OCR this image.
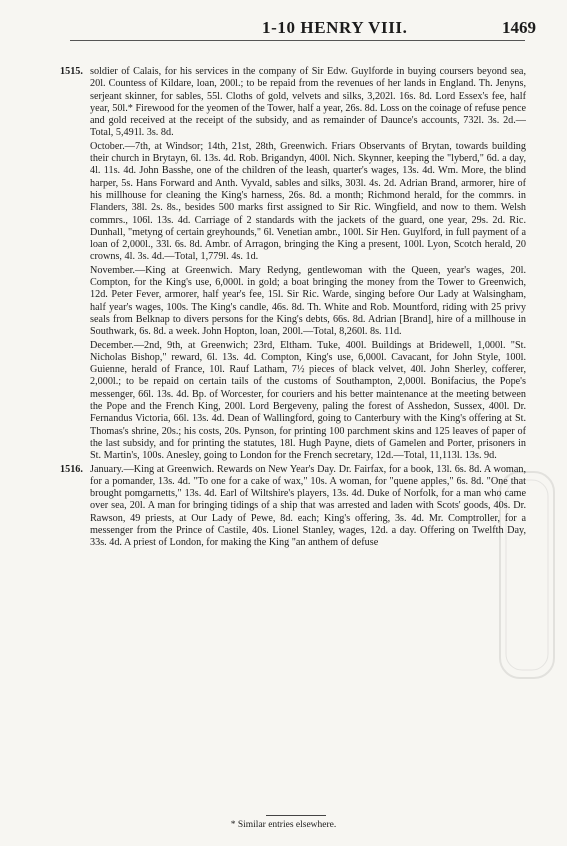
1-10 HENRY VIII.	1469
1515. soldier of Calais, for his services in the company of Sir Edw. Guylforde in buying coursers beyond sea, 20l. Countess of Kildare, loan, 200l.; to be repaid from the revenues of her lands in England. Th. Jenyns, serjeant skinner, for sables, 55l. Cloths of gold, velvets and silks, 3,202l. 16s. 8d. Lord Essex's fee, half year, 50l.* Firewood for the yeomen of the Tower, half a year, 26s. 8d. Loss on the coinage of refuse pence and gold received at the receipt of the subsidy, and as remainder of Daunce's accounts, 732l. 3s. 2d.—Total, 5,491l. 3s. 8d.

October.—7th, at Windsor; 14th, 21st, 28th, Greenwich. Friars Observants of Brytan, towards building their church in Brytayn, 6l. 13s. 4d. Rob. Brigandyn, 400l. Nich. Skynner, keeping the "lyberd," 6d. a day, 4l. 11s. 4d. John Basshe, one of the children of the leash, quarter's wages, 13s. 4d. Wm. More, the blind harper, 5s. Hans Forward and Anth. Vyvald, sables and silks, 303l. 4s. 2d. Adrian Brand, armorer, hire of his millhouse for cleaning the King's harness, 26s. 8d. a month; Richmond herald, for the commrs. in Flanders, 38l. 2s. 8s., besides 500 marks first assigned to Sir Ric. Wingfield, and now to them. Welsh commrs., 106l. 13s. 4d. Carriage of 2 standards with the jackets of the guard, one year, 29s. 2d. Ric. Dunhall, "metyng of certain greyhounds," 6l. Venetian ambr., 100l. Sir Hen. Guylford, in full payment of a loan of 2,000l., 33l. 6s. 8d. Ambr. of Arragon, bringing the King a present, 100l. Lyon, Scotch herald, 20 crowns, 4l. 3s. 4d.—Total, 1,779l. 4s. 1d.

November.—King at Greenwich. Mary Redyng, gentlewoman with the Queen, year's wages, 20l. Compton, for the King's use, 6,000l. in gold; a boat bringing the money from the Tower to Greenwich, 12d. Peter Fever, armorer, half year's fee, 15l. Sir Ric. Warde, singing before Our Lady at Walsingham, half year's wages, 100s. The King's candle, 46s. 8d. Th. White and Rob. Mountford, riding with 25 privy seals from Belknap to divers persons for the King's debts, 66s. 8d. Adrian [Brand], hire of a millhouse in Southwark, 6s. 8d. a week. John Hopton, loan, 200l.—Total, 8,260l. 8s. 11d.

December.—2nd, 9th, at Greenwich; 23rd, Eltham. Tuke, 400l. Buildings at Bridewell, 1,000l. "St. Nicholas Bishop," reward, 6l. 13s. 4d. Compton, King's use, 6,000l. Cavacant, for John Style, 100l. Guienne, herald of France, 10l. Rauf Latham, 7½ pieces of black velvet, 40l. John Sherley, cofferer, 2,000l.; to be repaid on certain tails of the customs of Southampton, 2,000l. Bonifacius, the Pope's messenger, 66l. 13s. 4d. Bp. of Worcester, for couriers and his better maintenance at the meeting between the Pope and the French King, 200l. Lord Bergeveny, paling the forest of Asshedon, Sussex, 400l. Dr. Fernandus Victoria, 66l. 13s. 4d. Dean of Wallingford, going to Canterbury with the King's offering at St. Thomas's shrine, 20s.; his costs, 20s. Pynson, for printing 100 parchment skins and 125 leaves of paper of the last subsidy, and for printing the statutes, 18l. Hugh Payne, diets of Gamelen and Porter, prisoners in St. Martin's, 100s. Anesley, going to London for the French secretary, 12d.—Total, 11,113l. 13s. 9d.

1516. January.—King at Greenwich. Rewards on New Year's Day. Dr. Fairfax, for a book, 13l. 6s. 8d. A woman, for a pomander, 13s. 4d. "To one for a cake of wax," 10s. A woman, for "quene apples," 6s. 8d. "One that brought pomgarnetts," 13s. 4d. Earl of Wiltshire's players, 13s. 4d. Duke of Norfolk, for a man who came over sea, 20l. A man for bringing tidings of a ship that was arrested and laden with Scots' goods, 40s. Dr. Rawson, 49 priests, at Our Lady of Pewe, 8d. each; King's offering, 3s. 4d. Mr. Comptroller, for a messenger from the Prince of Castile, 40s. Lionel Stanley, wages, 12d. a day. Offering on Twelfth Day, 33s. 4d. A priest of London, for making the King "an anthem of defuse

* Similar entries elsewhere.
